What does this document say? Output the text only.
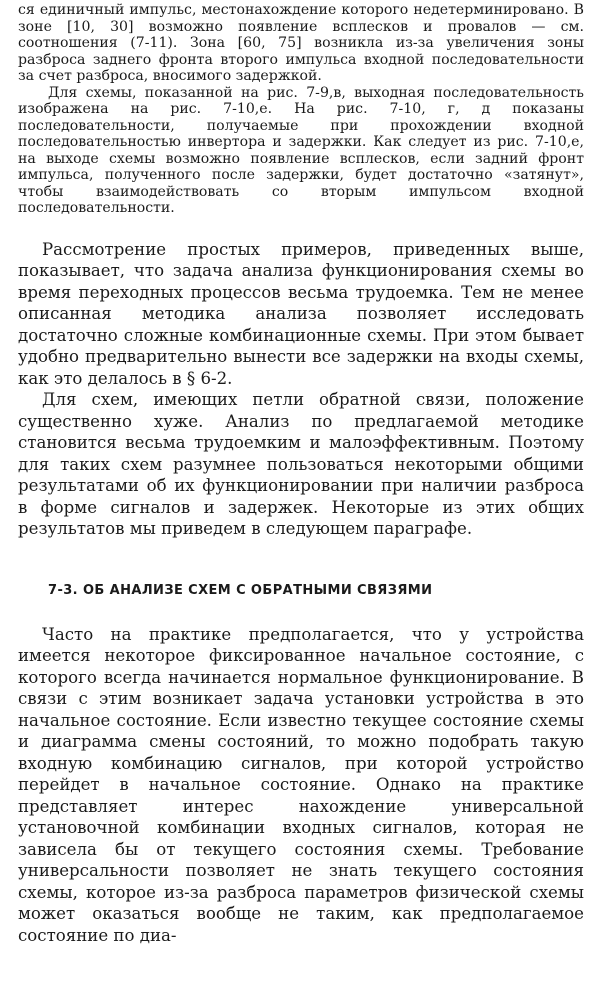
ся единичный импульс, местонахождение которого недетерминировано. В зоне [10, 30] возможно появление всплесков и провалов — см. соотношения (7-11). Зона [60, 75] возникла из-за увеличения зоны разброса заднего фронта второго импульса входной последовательности за счет разброса, вносимого задержкой.

Для схемы, показанной на рис. 7-9,в, выходная последовательность изображена на рис. 7-10,е. На рис. 7-10, г, д показаны последовательности, получаемые при прохождении входной последовательностью инвертора и задержки. Как следует из рис. 7-10,е, на выходе схемы возможно появление всплесков, если задний фронт импульса, полученного после задержки, будет достаточно «затянут», чтобы взаимодействовать со вторым импульсом входной последовательности.

Рассмотрение простых примеров, приведенных выше, показывает, что задача анализа функционирования схемы во время переходных процессов весьма трудоемка. Тем не менее описанная методика анализа позволяет исследовать достаточно сложные комбинационные схемы. При этом бывает удобно предварительно вынести все задержки на входы схемы, как это делалось в § 6-2.

Для схем, имеющих петли обратной связи, положение существенно хуже. Анализ по предлагаемой методике становится весьма трудоемким и малоэффективным. Поэтому для таких схем разумнее пользоваться некоторыми общими результатами об их функционировании при наличии разброса в форме сигналов и задержек. Некоторые из этих общих результатов мы приведем в следующем параграфе.

7-3. ОБ АНАЛИЗЕ СХЕМ С ОБРАТНЫМИ СВЯЗЯМИ

Часто на практике предполагается, что у устройства имеется некоторое фиксированное начальное состояние, с которого всегда начинается нормальное функционирование. В связи с этим возникает задача установки устройства в это начальное состояние. Если известно текущее состояние схемы и диаграмма смены состояний, то можно подобрать такую входную комбинацию сигналов, при которой устройство перейдет в начальное состояние. Однако на практике представляет интерес нахождение универсальной установочной комбинации входных сигналов, которая не зависела бы от текущего состояния схемы. Требование универсальности позволяет не знать текущего состояния схемы, которое из-за разброса параметров физической схемы может оказаться вообще не таким, как предполагаемое состояние по диа-
